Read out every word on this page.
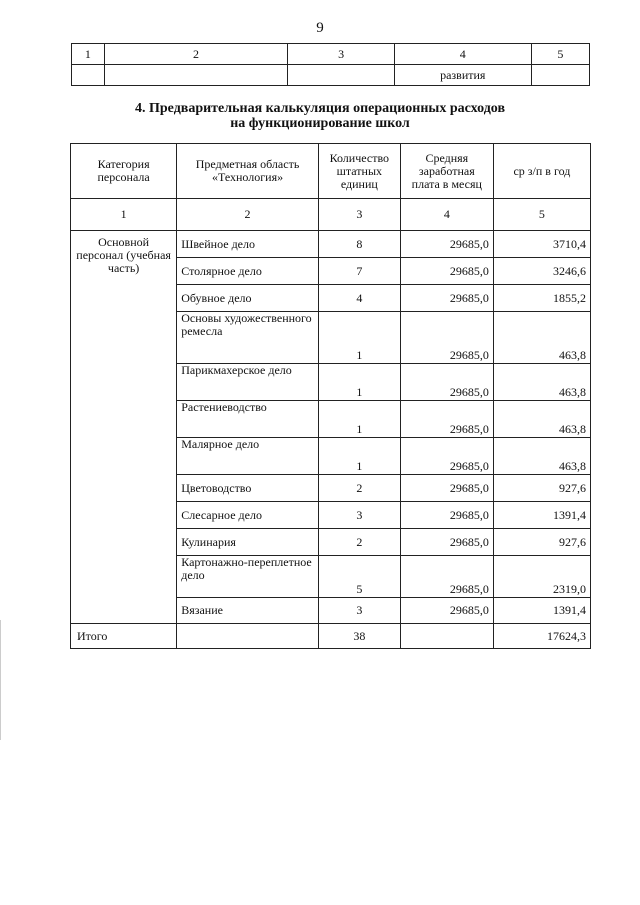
9
1	2	3	4	5
			развития	
4. Предварительная калькуляция операционных расходов
на функционирование школ
Категория персонала	Предметная область «Технология»	Количество штатных единиц	Средняя заработная плата в месяц	ср з/п в год
1	2	3	4	5
Основной персонал (учебная часть)	Швейное дело	8	29685,0	3710,4
	Столярное дело	7	29685,0	3246,6
	Обувное дело	4	29685,0	1855,2
	Основы художественного ремесла	1	29685,0	463,8
	Парикмахерское дело	1	29685,0	463,8
	Растениеводство	1	29685,0	463,8
	Малярное дело	1	29685,0	463,8
	Цветоводство	2	29685,0	927,6
	Слесарное дело	3	29685,0	1391,4
	Кулинария	2	29685,0	927,6
	Картонажно-переплетное дело	5	29685,0	2319,0
	Вязание	3	29685,0	1391,4
Итого		38		17624,3
